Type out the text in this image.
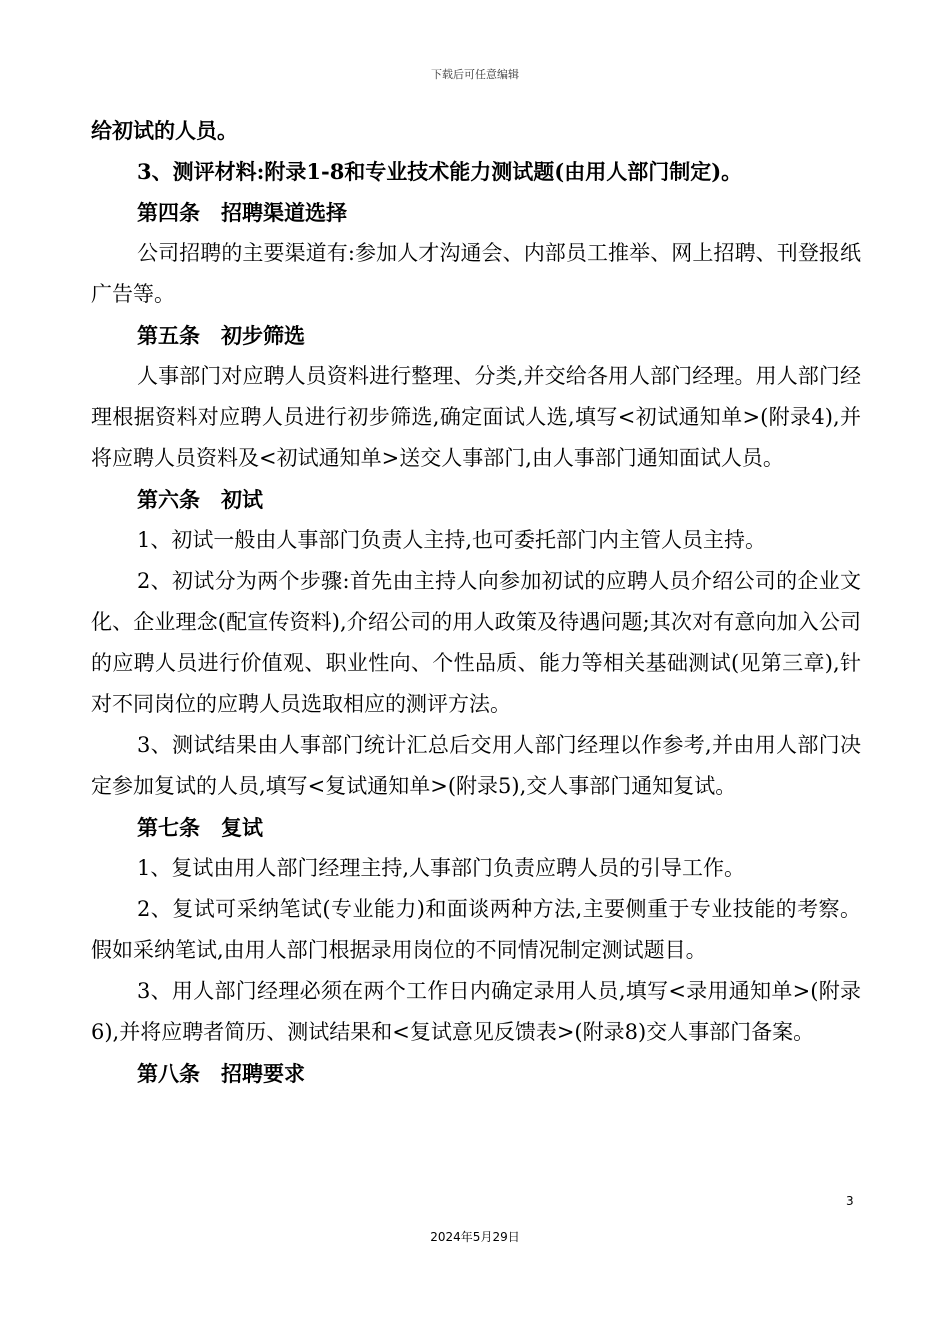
下载后可任意编辑

给初试的人员。

3、测评材料:附录1-8和专业技术能力测试题(由用人部门制定)。

第四条　招聘渠道选择

公司招聘的主要渠道有:参加人才沟通会、内部员工推举、网上招聘、刊登报纸广告等。

第五条　初步筛选

人事部门对应聘人员资料进行整理、分类,并交给各用人部门经理。用人部门经理根据资料对应聘人员进行初步筛选,确定面试人选,填写<初试通知单>(附录4),并将应聘人员资料及<初试通知单>送交人事部门,由人事部门通知面试人员。

第六条　初试

1、初试一般由人事部门负责人主持,也可委托部门内主管人员主持。

2、初试分为两个步骤:首先由主持人向参加初试的应聘人员介绍公司的企业文化、企业理念(配宣传资料),介绍公司的用人政策及待遇问题;其次对有意向加入公司的应聘人员进行价值观、职业性向、个性品质、能力等相关基础测试(见第三章),针对不同岗位的应聘人员选取相应的测评方法。

3、测试结果由人事部门统计汇总后交用人部门经理以作参考,并由用人部门决定参加复试的人员,填写<复试通知单>(附录5),交人事部门通知复试。

第七条　复试

1、复试由用人部门经理主持,人事部门负责应聘人员的引导工作。

2、复试可采纳笔试(专业能力)和面谈两种方法,主要侧重于专业技能的考察。假如采纳笔试,由用人部门根据录用岗位的不同情况制定测试题目。

3、用人部门经理必须在两个工作日内确定录用人员,填写<录用通知单>(附录6),并将应聘者简历、测试结果和<复试意见反馈表>(附录8)交人事部门备案。

第八条　招聘要求

3
2024年5月29日
